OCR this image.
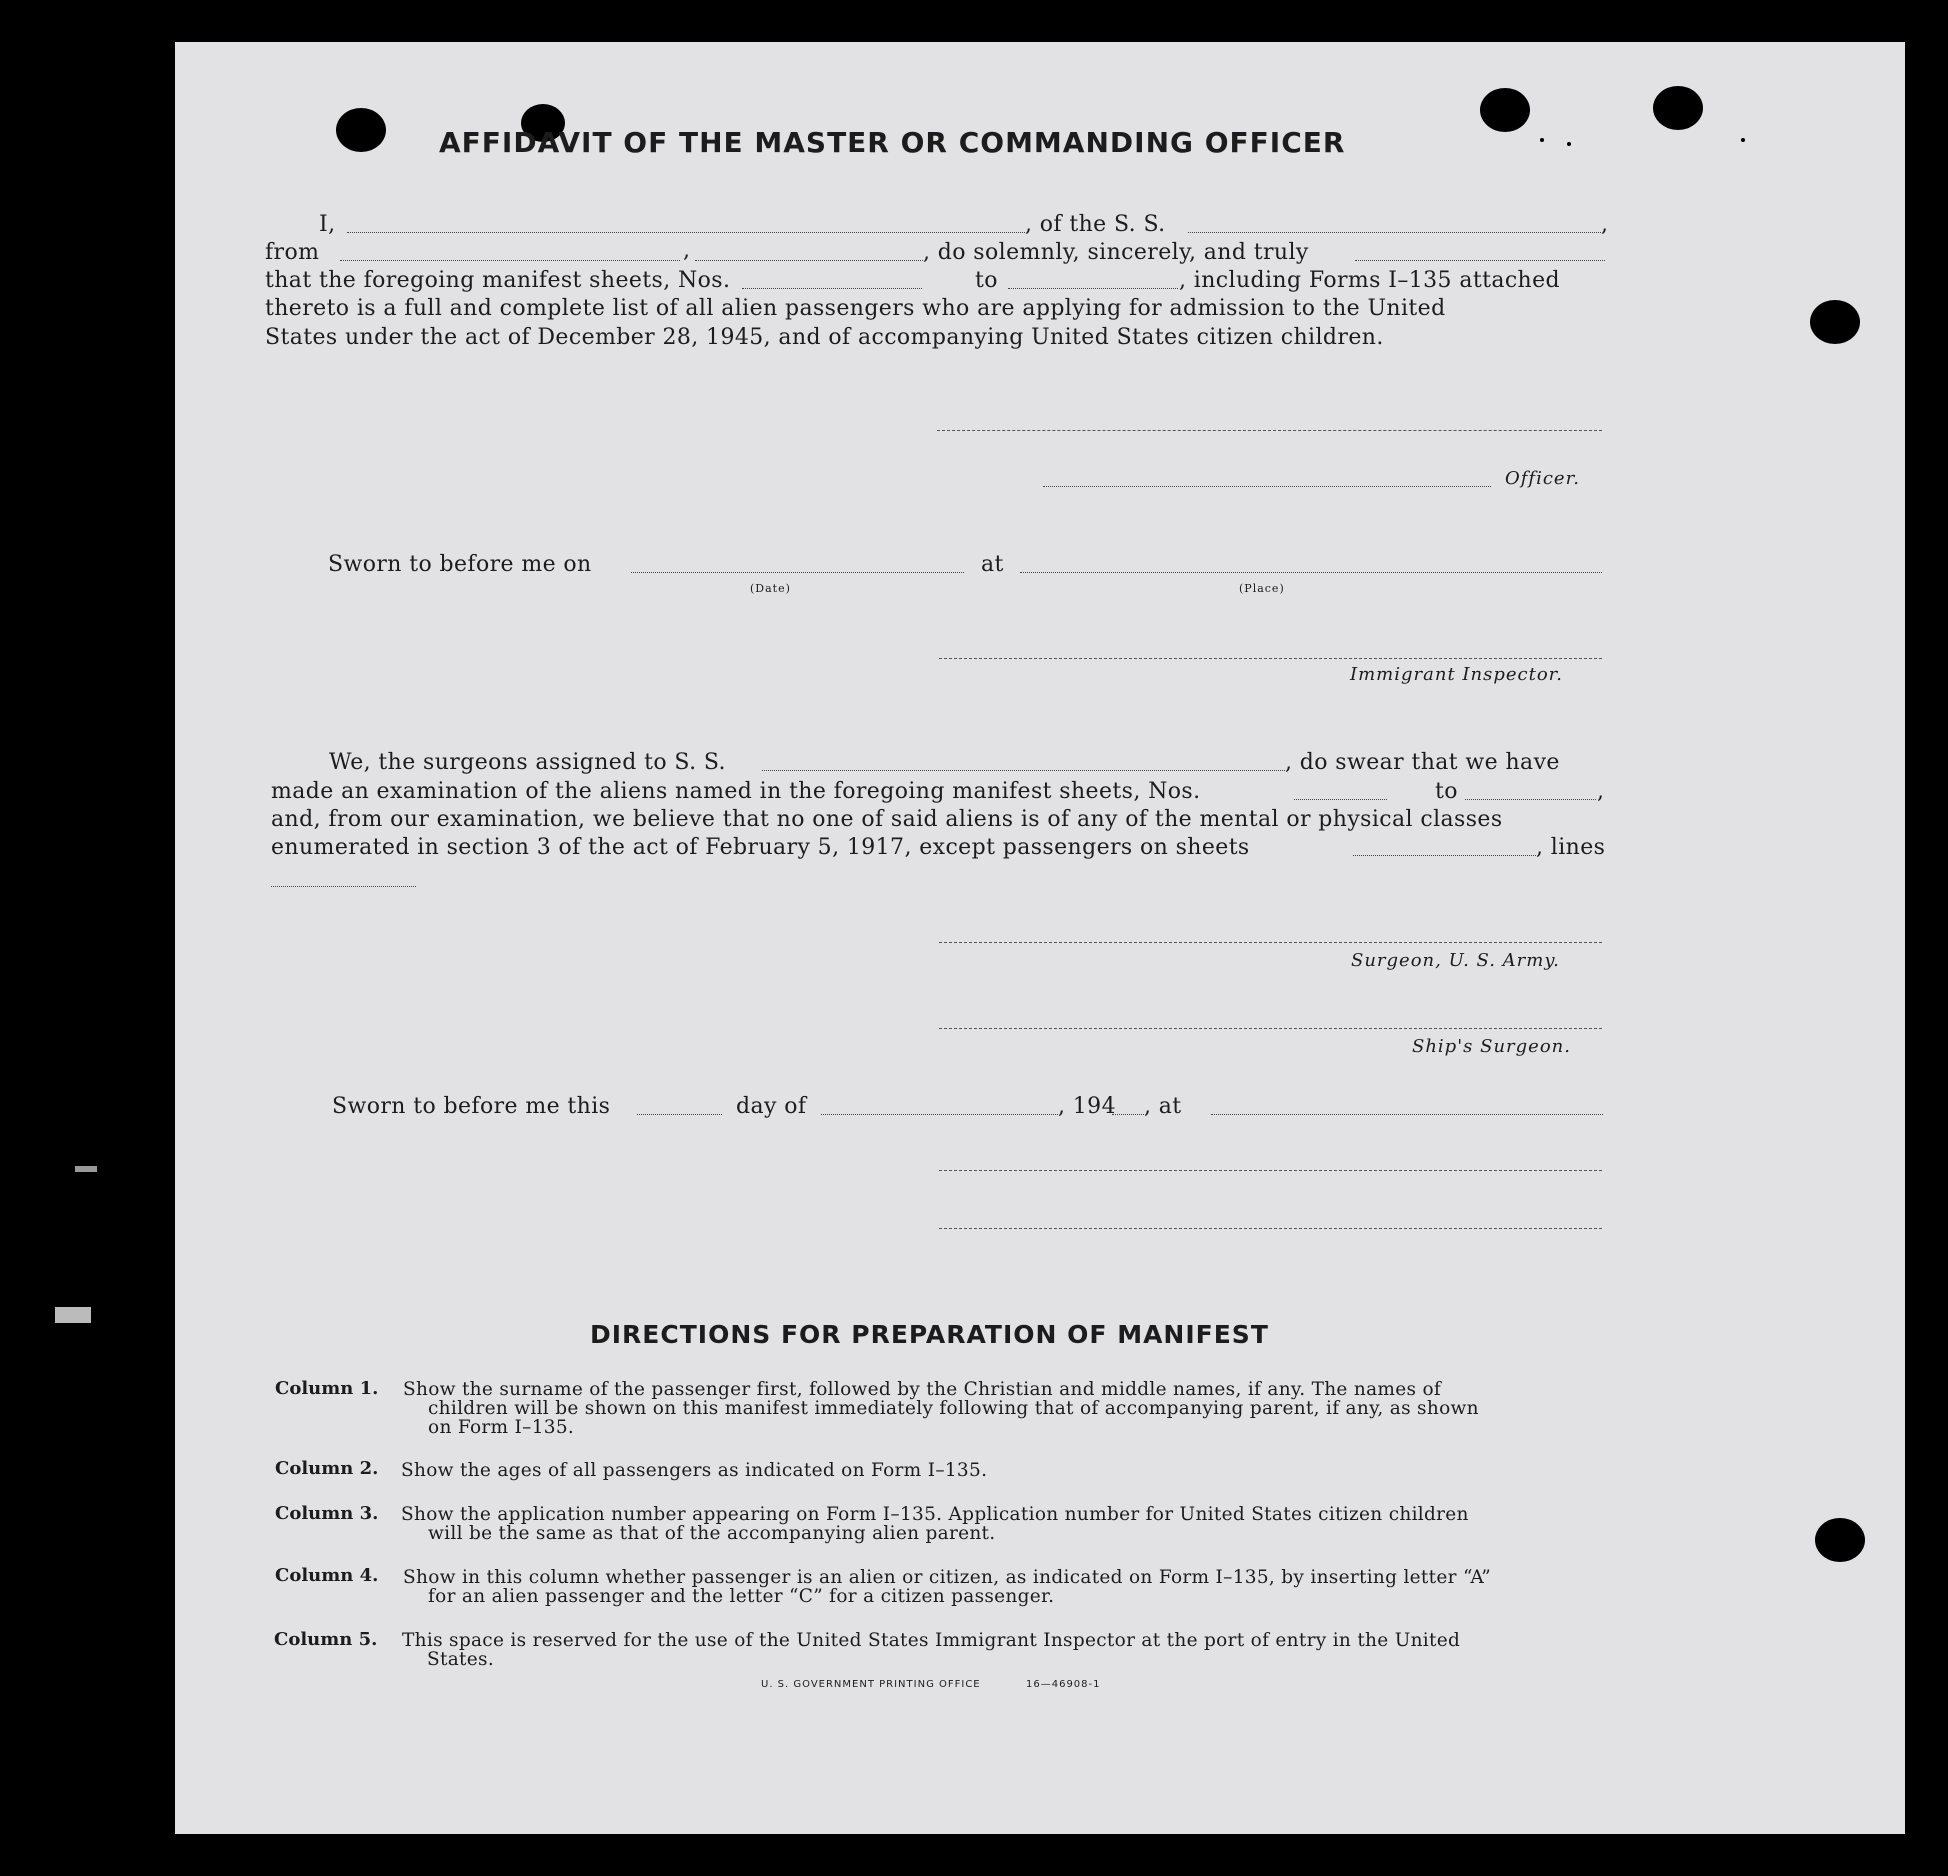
AFFIDAVIT OF THE MASTER OR COMMANDING OFFICER
I,	, of the S. S.	,
from	,	, do solemnly, sincerely, and truly
that the foregoing manifest sheets, Nos.	to	, including Forms I–135 attached
thereto is a full and complete list of all alien passengers who are applying for admission to the United
States under the act of December 28, 1945, and of accompanying United States citizen children.
Officer.
Sworn to before me on
(Date)
at
(Place)
Immigrant Inspector.
We, the surgeons assigned to S. S.	, do swear that we have
made an examination of the aliens named in the foregoing manifest sheets, Nos.	to	,
and, from our examination, we believe that no one of said aliens is of any of the mental or physical classes
enumerated in section 3 of the act of February 5, 1917, except passengers on sheets	, lines
Surgeon, U. S. Army.
Ship's Surgeon.
Sworn to before me this	day of	, 194 , at
DIRECTIONS FOR PREPARATION OF MANIFEST
Column 1. Show the surname of the passenger first, followed by the Christian and middle names, if any. The names of
children will be shown on this manifest immediately following that of accompanying parent, if any, as shown
on Form I–135.
Column 2. Show the ages of all passengers as indicated on Form I–135.
Column 3. Show the application number appearing on Form I–135. Application number for United States citizen children
will be the same as that of the accompanying alien parent.
Column 4. Show in this column whether passenger is an alien or citizen, as indicated on Form I–135, by inserting letter “A”
for an alien passenger and the letter “C” for a citizen passenger.
Column 5. This space is reserved for the use of the United States Immigrant Inspector at the port of entry in the United
States.
U. S. GOVERNMENT PRINTING OFFICE	16—46908-1
